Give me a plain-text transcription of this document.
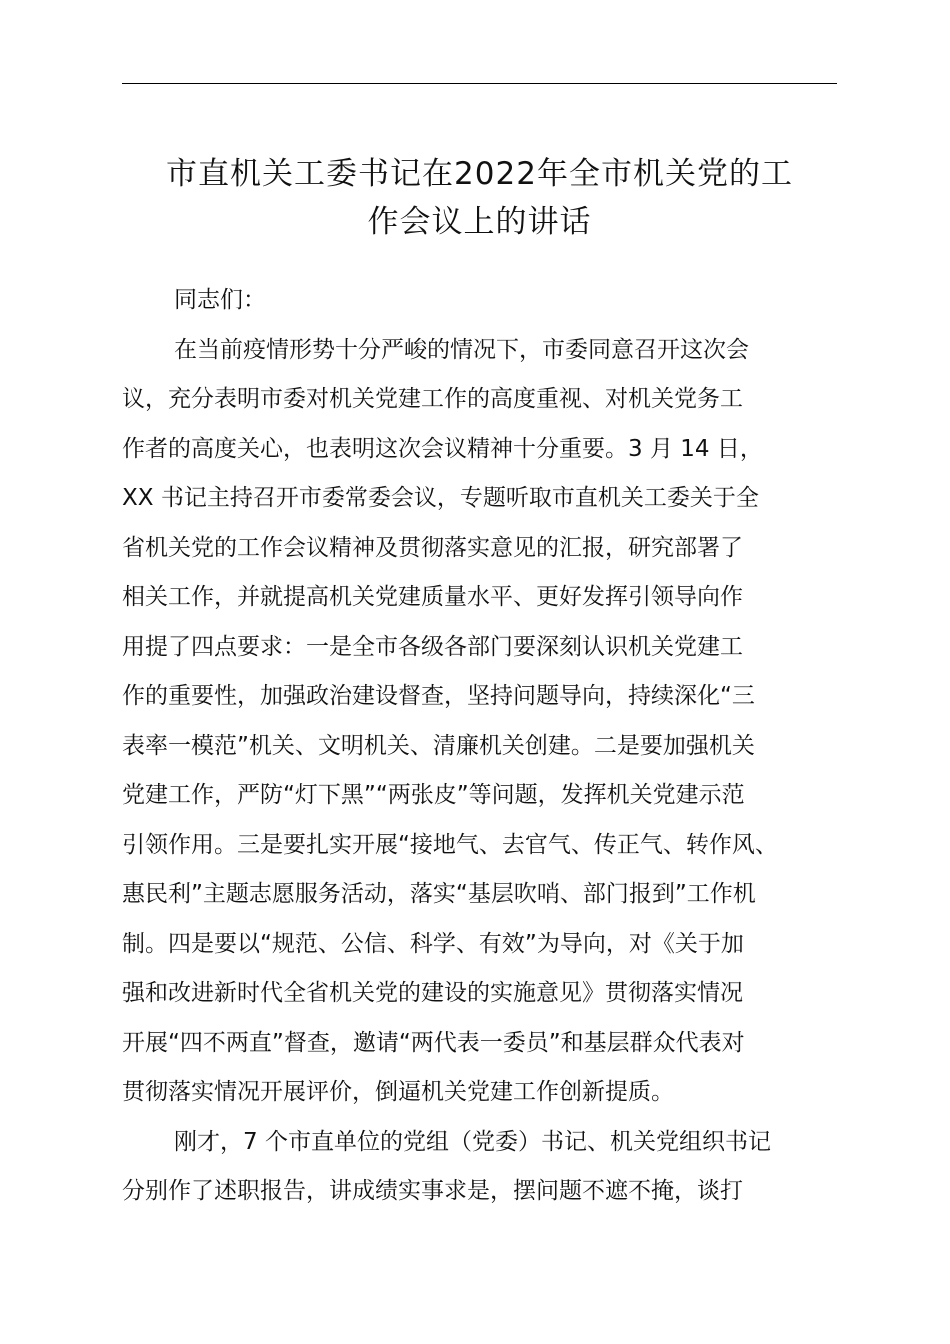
市直机关工委书记在2022年全市机关党的工
作会议上的讲话

同志们：

在当前疫情形势十分严峻的情况下，市委同意召开这次会
议，充分表明市委对机关党建工作的高度重视、对机关党务工
作者的高度关心，也表明这次会议精神十分重要。3 月 14 日，
XX 书记主持召开市委常委会议，专题听取市直机关工委关于全
省机关党的工作会议精神及贯彻落实意见的汇报，研究部署了
相关工作，并就提高机关党建质量水平、更好发挥引领导向作
用提了四点要求：一是全市各级各部门要深刻认识机关党建工
作的重要性，加强政治建设督查，坚持问题导向，持续深化“三
表率一模范”机关、文明机关、清廉机关创建。二是要加强机关
党建工作，严防“灯下黑”“两张皮”等问题，发挥机关党建示范
引领作用。三是要扎实开展“接地气、去官气、传正气、转作风、
惠民利”主题志愿服务活动，落实“基层吹哨、部门报到”工作机
制。四是要以“规范、公信、科学、有效”为导向，对《关于加
强和改进新时代全省机关党的建设的实施意见》贯彻落实情况
开展“四不两直”督查，邀请“两代表一委员”和基层群众代表对
贯彻落实情况开展评价，倒逼机关党建工作创新提质。

刚才，7 个市直单位的党组（党委）书记、机关党组织书记
分别作了述职报告，讲成绩实事求是，摆问题不遮不掩，谈打
